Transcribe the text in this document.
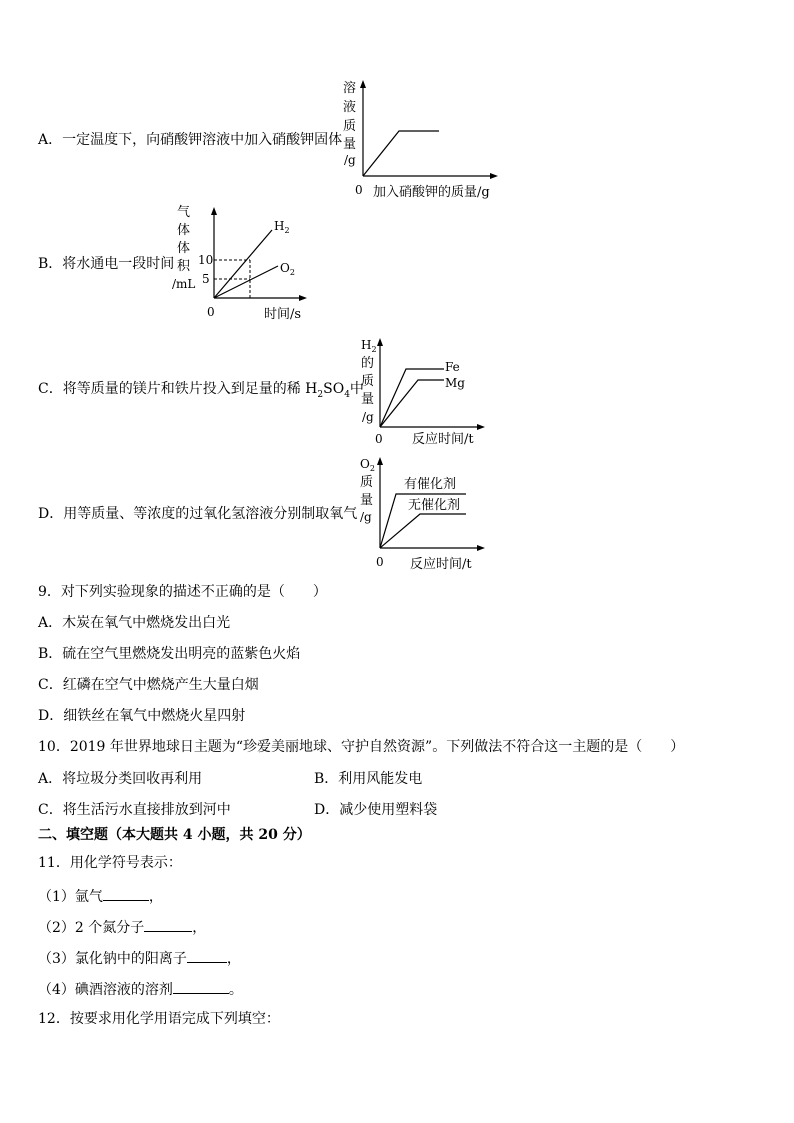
A．一定温度下，向硝酸钾溶液中加入硝酸钾固体
B．将水通电一段时间
C．将等质量的镁片和铁片投入到足量的稀 $H_2SO_4$中
D．用等质量、等浓度的过氧化氢溶液分别制取氧气
溶
液
质
量
/g
0 加入硝酸钾的质量/g
气
体
体
积
/mL
10
5
$H_2$
$O_2$
0	时间/s
$H_2$
的
质
量
/g
Fe
Mg
0 反应时间/t
$O_2$
质
量
/g
有催化剂
无催化剂
0 反应时间/t
9．对下列实验现象的描述不正确的是（　　）
A．木炭在氧气中燃烧发出白光
B．硫在空气里燃烧发出明亮的蓝紫色火焰
C．红磷在空气中燃烧产生大量白烟
D．细铁丝在氧气中燃烧火星四射
10．2019 年世界地球日主题为“珍爱美丽地球、守护自然资源”。下列做法不符合这一主题的是（　　）
A．将垃圾分类回收再利用	B．利用风能发电
C．将生活污水直接排放到河中	D．减少使用塑料袋
二、填空题（本大题共 4 小题，共 20 分）
11．用化学符号表示：
（1）氩气	，
（2）2 个氮分子	，
（3）氯化钠中的阳离子	，
（4）碘酒溶液的溶剂	。
12．按要求用化学用语完成下列填空：
